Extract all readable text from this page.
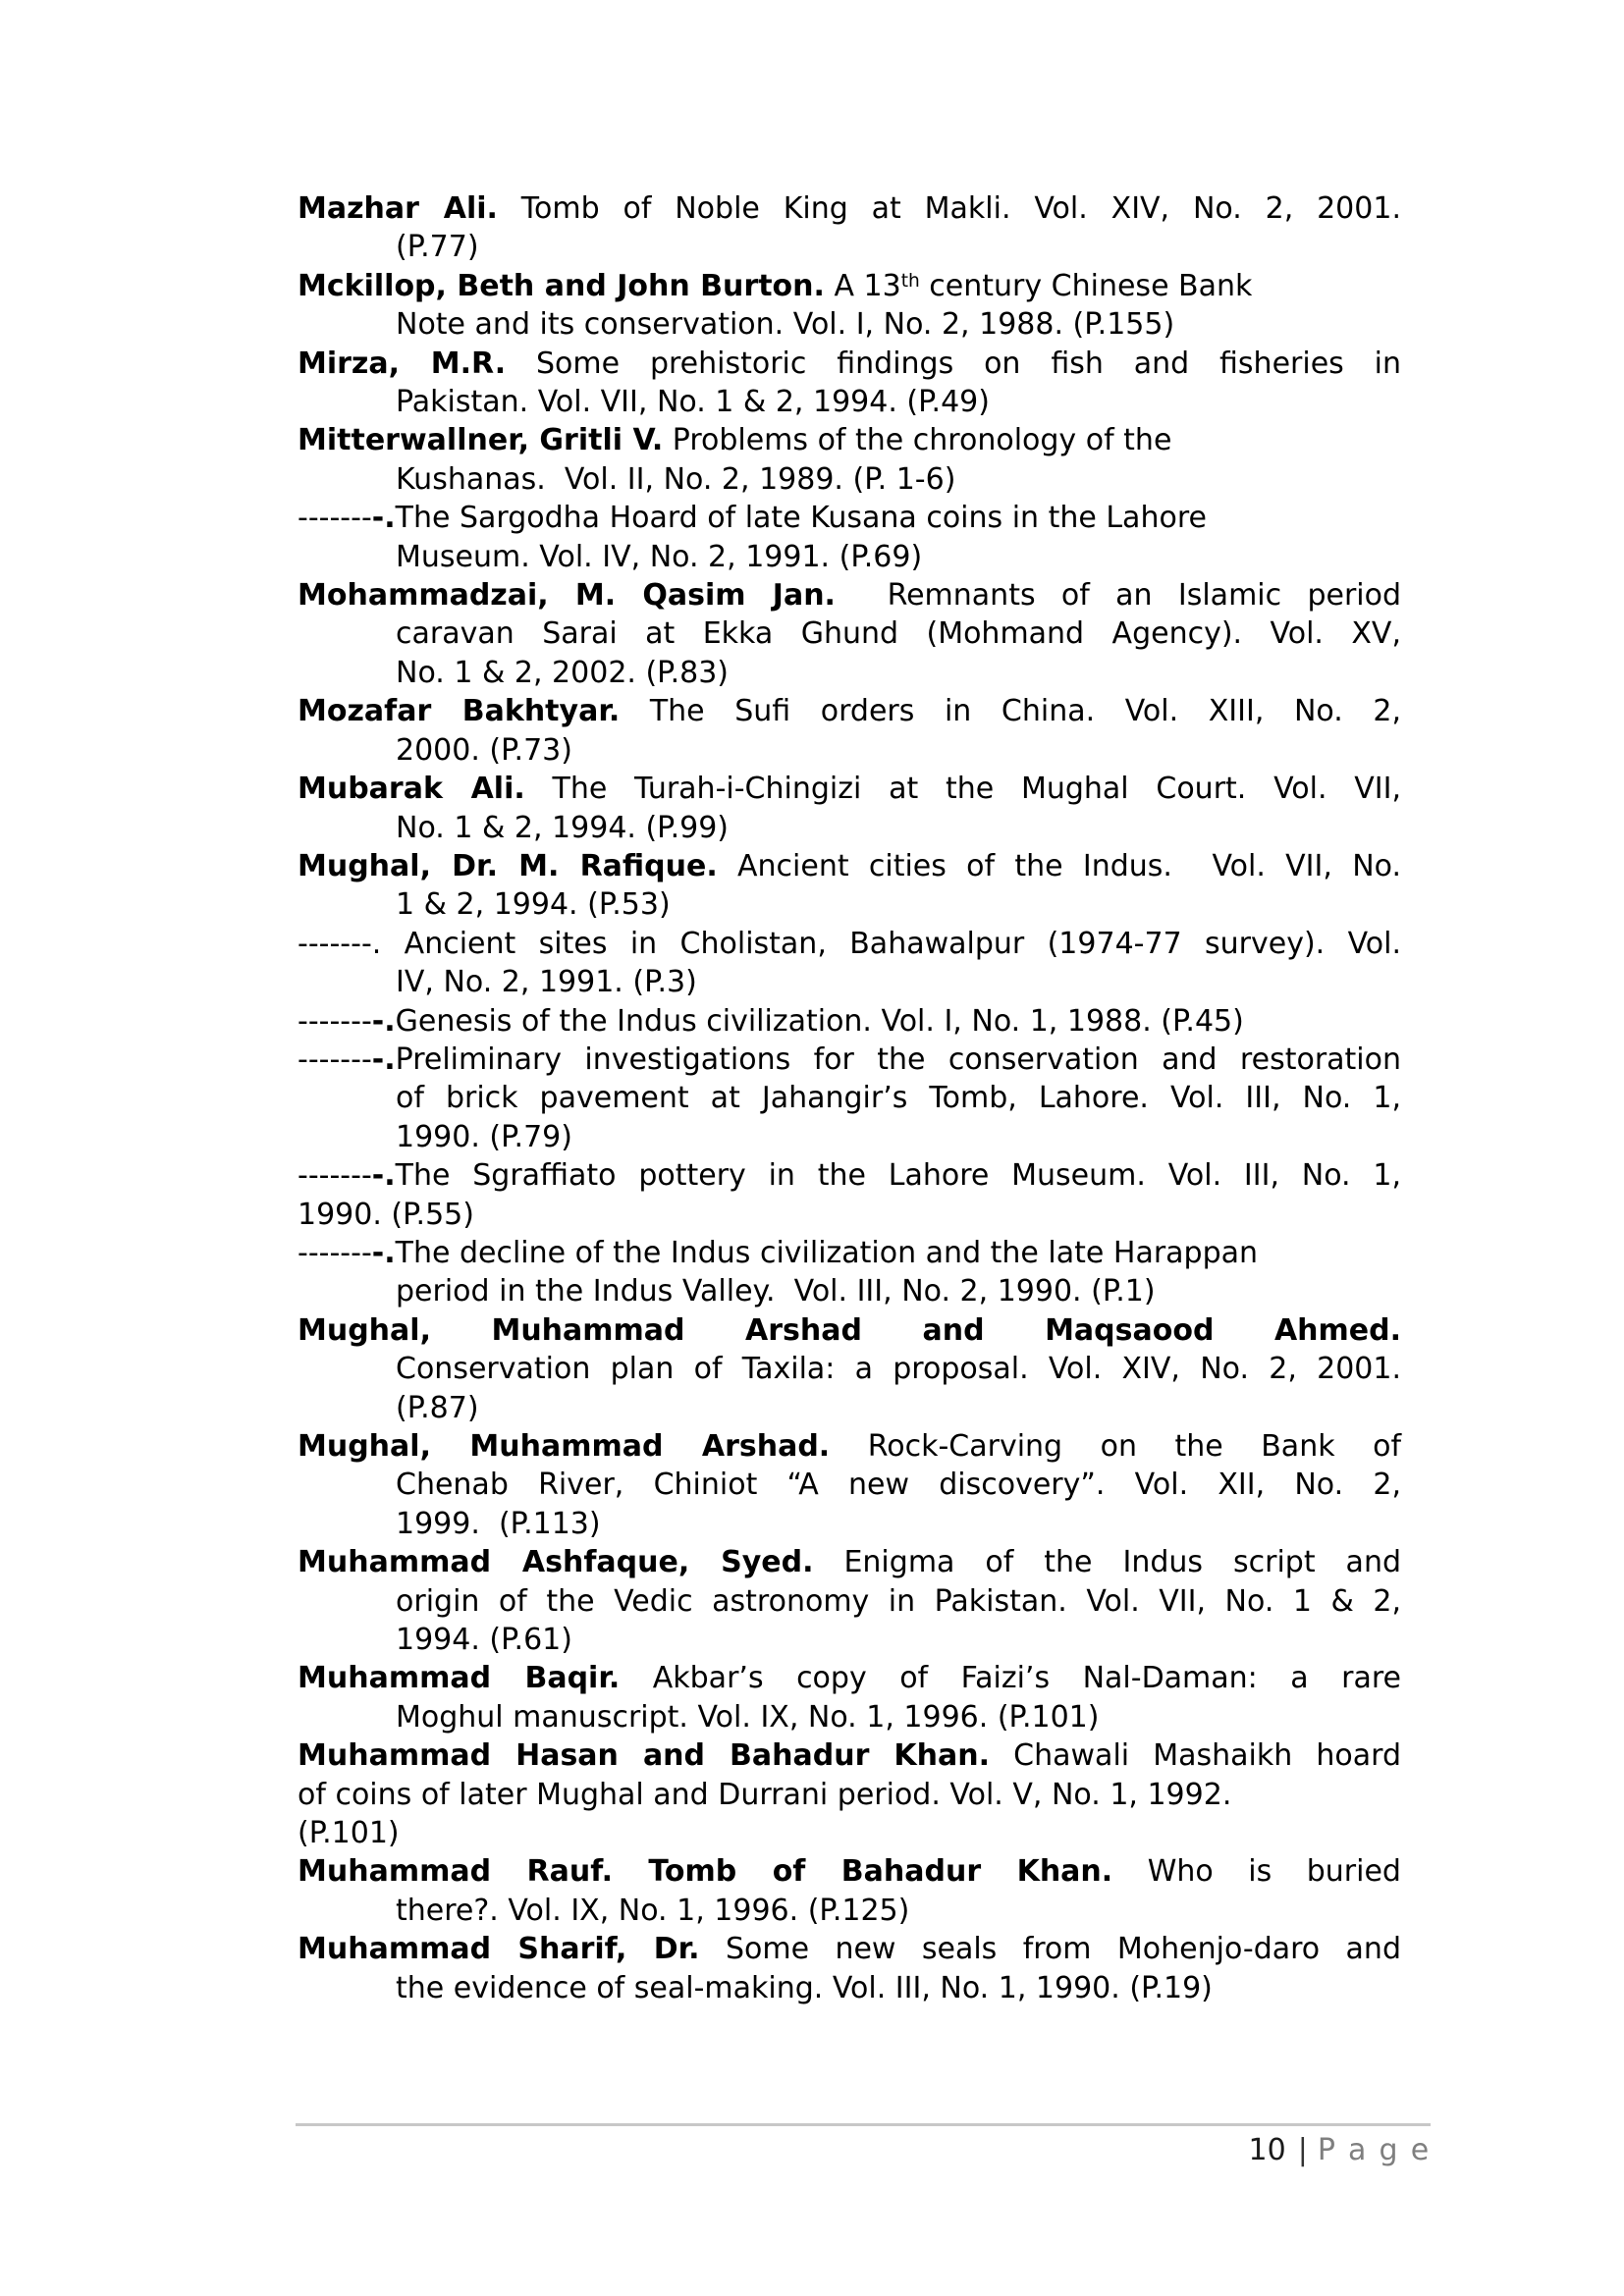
Mazhar Ali. Tomb of Noble King at Makli. Vol. XIV, No. 2, 2001.
(P.77)
Mckillop, Beth and John Burton. A 13th century Chinese Bank
Note and its conservation. Vol. I, No. 2, 1988. (P.155)
Mirza, M.R. Some prehistoric findings on fish and fisheries in
Pakistan. Vol. VII, No. 1 & 2, 1994. (P.49)
Mitterwallner, Gritli V. Problems of the chronology of the
Kushanas.  Vol. II, No. 2, 1989. (P. 1-6)
--------.The Sargodha Hoard of late Kusana coins in the Lahore
Museum. Vol. IV, No. 2, 1991. (P.69)
Mohammadzai, M. Qasim Jan.  Remnants of an Islamic period
caravan Sarai at Ekka Ghund (Mohmand Agency). Vol. XV,
No. 1 & 2, 2002. (P.83)
Mozafar Bakhtyar. The Sufi orders in China. Vol. XIII, No. 2,
2000. (P.73)
Mubarak Ali. The Turah-i-Chingizi at the Mughal Court. Vol. VII,
No. 1 & 2, 1994. (P.99)
Mughal, Dr. M. Rafique. Ancient cities of the Indus.  Vol. VII, No.
1 & 2, 1994. (P.53)
-------. Ancient sites in Cholistan, Bahawalpur (1974-77 survey). Vol.
IV, No. 2, 1991. (P.3)
--------.Genesis of the Indus civilization. Vol. I, No. 1, 1988. (P.45)
--------.Preliminary investigations for the conservation and restoration
of brick pavement at Jahangir’s Tomb, Lahore. Vol. III, No. 1,
1990. (P.79)
--------.The Sgraffiato pottery in the Lahore Museum. Vol. III, No. 1,
1990. (P.55)
--------.The decline of the Indus civilization and the late Harappan
period in the Indus Valley.  Vol. III, No. 2, 1990. (P.1)
Mughal, Muhammad Arshad and Maqsaood Ahmed.
Conservation plan of Taxila: a proposal. Vol. XIV, No. 2, 2001.
(P.87)
Mughal, Muhammad Arshad. Rock-Carving on the Bank of
Chenab River, Chiniot “A new discovery”. Vol. XII, No. 2,
1999.  (P.113)
Muhammad Ashfaque, Syed. Enigma of the Indus script and
origin of the Vedic astronomy in Pakistan. Vol. VII, No. 1 & 2,
1994. (P.61)
Muhammad Baqir. Akbar’s copy of Faizi’s Nal-Daman: a rare
Moghul manuscript. Vol. IX, No. 1, 1996. (P.101)
Muhammad Hasan and Bahadur Khan. Chawali Mashaikh hoard
of coins of later Mughal and Durrani period. Vol. V, No. 1, 1992.
(P.101)
Muhammad Rauf. Tomb of Bahadur Khan. Who is buried
there?. Vol. IX, No. 1, 1996. (P.125)
Muhammad Sharif, Dr. Some new seals from Mohenjo-daro and
the evidence of seal-making. Vol. III, No. 1, 1990. (P.19)
10 | P a g e
